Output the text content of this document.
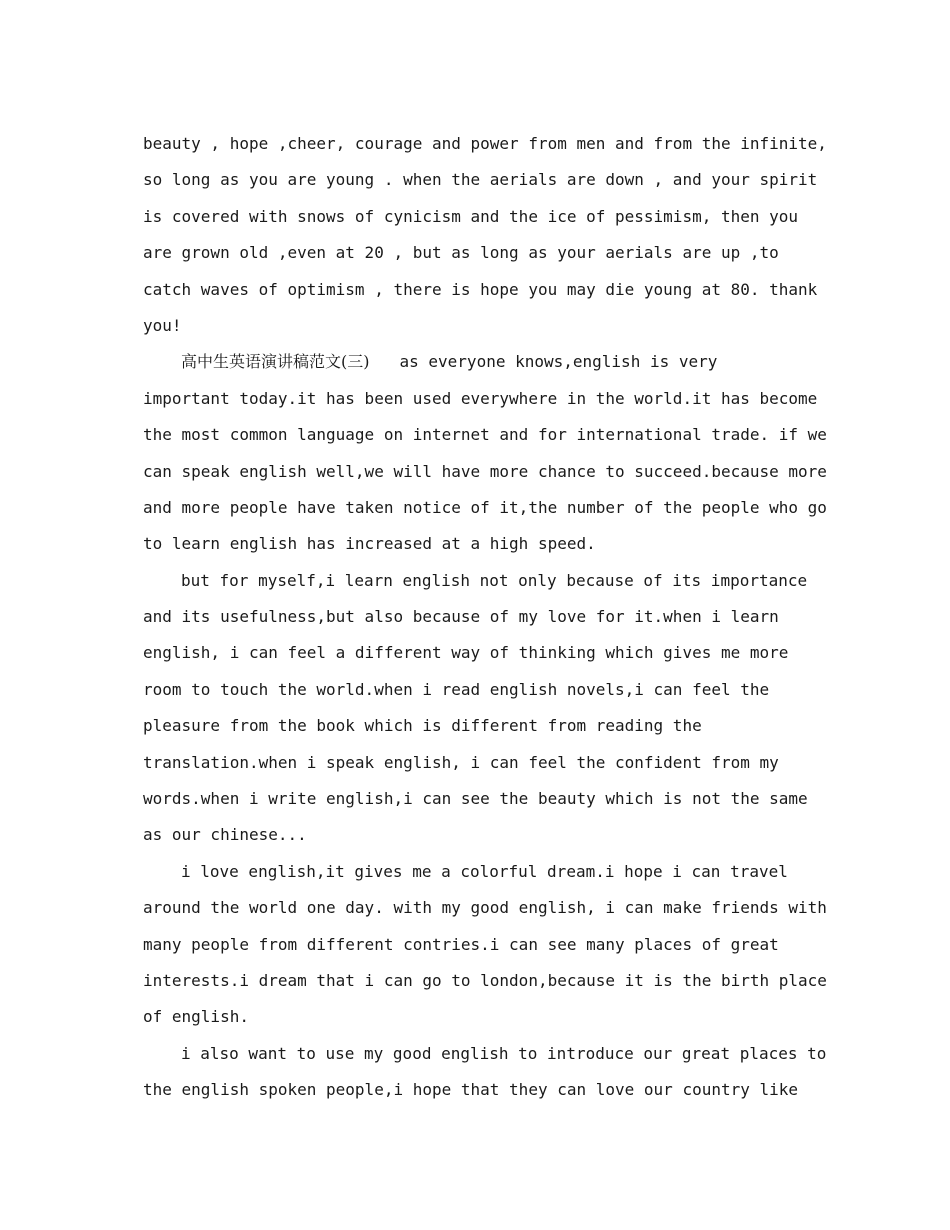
beauty , hope ,cheer, courage and power from men and from the infinite,
so long as you are young . when the aerials are down , and your spirit
is covered with snows of cynicism and the ice of pessimism, then you
are grown old ,even at 20 , but as long as your aerials are up ,to
catch waves of optimism , there is hope you may die young at 80. thank
you!
高中生英语演讲稿范文(三) as everyone knows,english is very
important today.it has been used everywhere in the world.it has become
the most common language on internet and for international trade. if we
can speak english well,we will have more chance to succeed.because more
and more people have taken notice of it,the number of the people who go
to learn english has increased at a high speed.
but for myself,i learn english not only because of its importance
and its usefulness,but also because of my love for it.when i learn
english, i can feel a different way of thinking which gives me more
room to touch the world.when i read english novels,i can feel the
pleasure from the book which is different from reading the
translation.when i speak english, i can feel the confident from my
words.when i write english,i can see the beauty which is not the same
as our chinese...
i love english,it gives me a colorful dream.i hope i can travel
around the world one day. with my good english, i can make friends with
many people from different contries.i can see many places of great
interests.i dream that i can go to london,because it is the birth place
of english.
i also want to use my good english to introduce our great places to
the english spoken people,i hope that they can love our country like
